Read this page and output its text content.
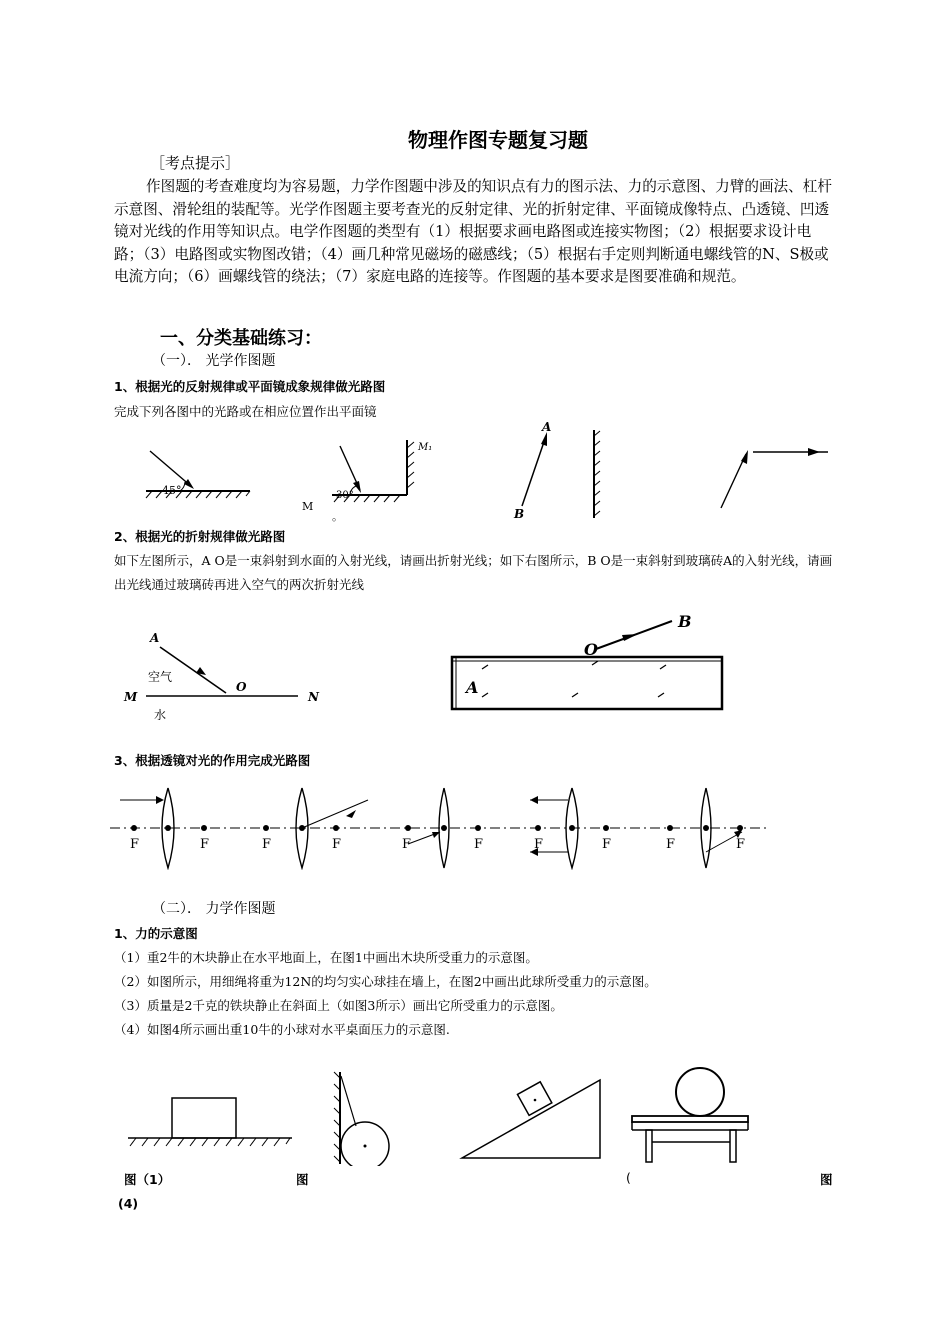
物理作图专题复习题
［考点提示］
作图题的考查难度均为容易题，力学作图题中涉及的知识点有力的图示法、力的示意图、力臂的画法、杠杆示意图、滑轮组的装配等。光学作图题主要考查光的反射定律、光的折射定律、平面镜成像特点、凸透镜、凹透镜对光线的作用等知识点。电学作图题的类型有（1）根据要求画电路图或连接实物图；（2）根据要求设计电路；（3）电路图或实物图改错；（4）画几种常见磁场的磁感线；（5）根据右手定则判断通电螺线管的N、S极或电流方向；（6）画螺线管的绕法；（7）家庭电路的连接等。作图题的基本要求是图要准确和规范。
一、分类基础练习：
（一）． 光学作图题
1、根据光的反射规律或平面镜成象规律做光路图
完成下列各图中的光路或在相应位置作出平面镜
45°	30°
M₁
M
。
A
B
2、根据光的折射规律做光路图
如下左图所示，A O是一束斜射到水面的入射光线，请画出折射光线；如下右图所示，B O是一束斜射到玻璃砖A的入射光线，请画出光线通过玻璃砖再进入空气的两次折射光线
A
空气
M
O
N
水
O
B
A
3、根据透镜对光的作用完成光路图
F	F	F	F	F	F	F	F	F	F
（二）． 力学作图题
1、力的示意图
（1）重2牛的木块静止在水平地面上，在图1中画出木块所受重力的示意图。
（2）如图所示，用细绳将重为12N的均匀实心球挂在墙上，在图2中画出此球所受重力的示意图。
（3）质量是2千克的铁块静止在斜面上（如图3所示）画出它所受重力的示意图。
（4）如图4所示画出重10牛的小球对水平桌面压力的示意图.
图（1）	图	(	图
(4)
